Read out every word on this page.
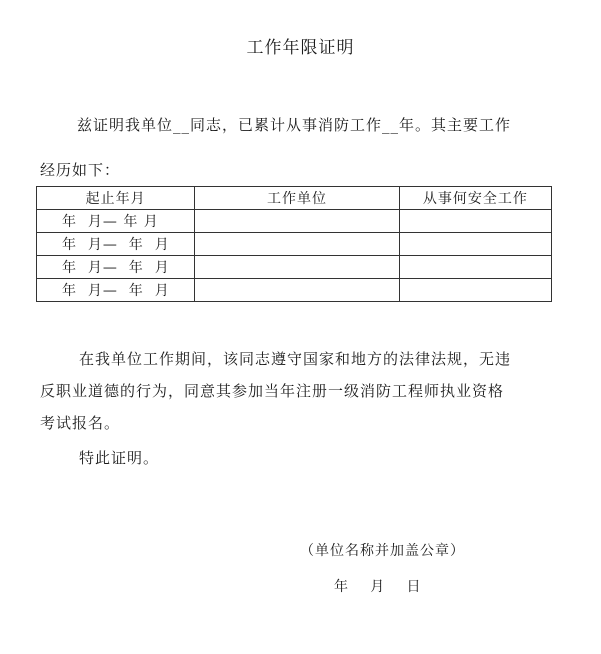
工作年限证明
兹证明我单位__同志，已累计从事消防工作__年。其主要工作
经历如下：
起止年月	工作单位	从事何安全工作
年  月— 年 月		
年  月—  年  月		
年  月—  年  月		
年  月—  年  月		
在我单位工作期间，该同志遵守国家和地方的法律法规，无违
反职业道德的行为，同意其参加当年注册一级消防工程师执业资格
考试报名。
特此证明。
（单位名称并加盖公章）
年     月     日
